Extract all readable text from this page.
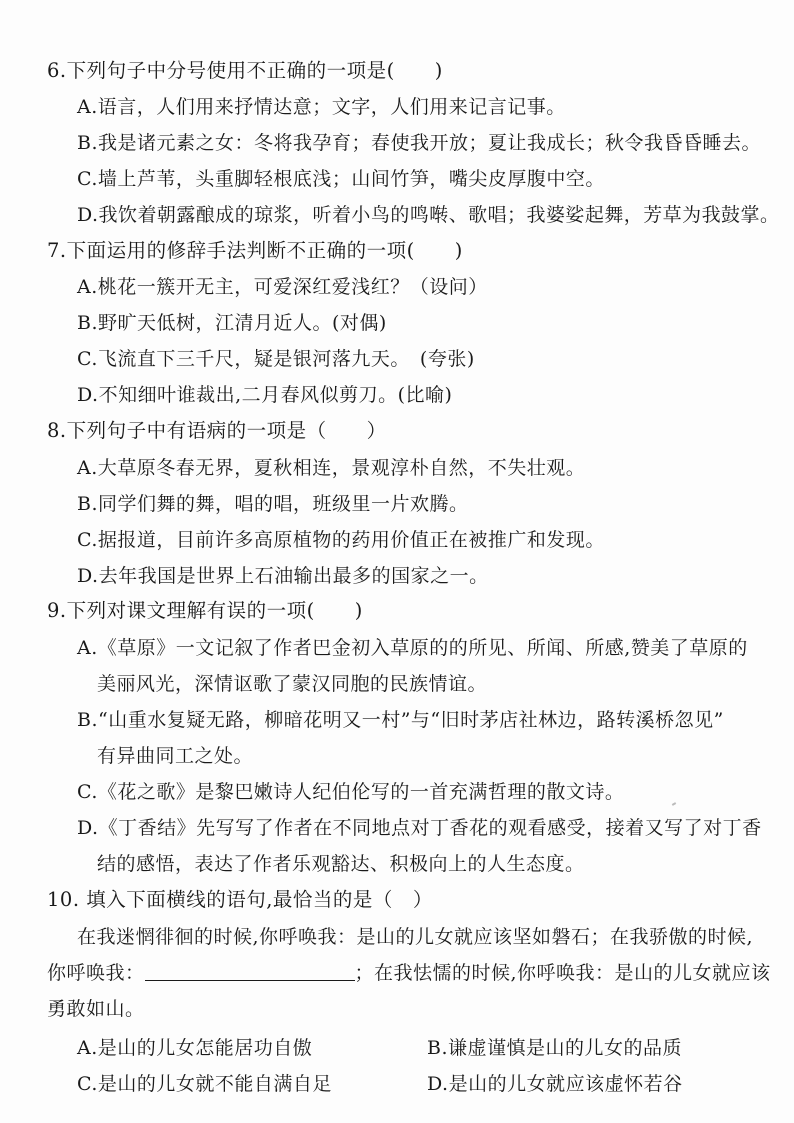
6.下列句子中分号使用不正确的一项是(　　)
A.语言，人们用来抒情达意；文字，人们用来记言记事。
B.我是诸元素之女：冬将我孕育；春使我开放；夏让我成长；秋令我昏昏睡去。
C.墙上芦苇，头重脚轻根底浅；山间竹笋，嘴尖皮厚腹中空。
D.我饮着朝露酿成的琼浆，听着小鸟的鸣啭、歌唱；我婆娑起舞，芳草为我鼓掌。
7.下面运用的修辞手法判断不正确的一项(　　)
A.桃花一簇开无主，可爱深红爱浅红？（设问）
B.野旷天低树，江清月近人。(对偶)
C.飞流直下三千尺，疑是银河落九天。　(夸张)
D.不知细叶谁裁出,二月春风似剪刀。(比喻)
8.下列句子中有语病的一项是（　　）
A.大草原冬春无界，夏秋相连，景观淳朴自然，不失壮观。
B.同学们舞的舞，唱的唱，班级里一片欢腾。
C.据报道，目前许多高原植物的药用价值正在被推广和发现。
D.去年我国是世界上石油输出最多的国家之一。
9.下列对课文理解有误的一项(　　)
A.《草原》一文记叙了作者巴金初入草原的的所见、所闻、所感,赞美了草原的
美丽风光，深情讴歌了蒙汉同胞的民族情谊。
B.“山重水复疑无路，柳暗花明又一村”与“旧时茅店社林边，路转溪桥忽见”
有异曲同工之处。
C.《花之歌》是黎巴嫩诗人纪伯伦写的一首充满哲理的散文诗。
D.《丁香结》先写写了作者在不同地点对丁香花的观看感受，接着又写了对丁香
结的感悟，表达了作者乐观豁达、积极向上的人生态度。
10. 填入下面横线的语句,最恰当的是（　）
在我迷惘徘徊的时候,你呼唤我：是山的儿女就应该坚如磐石；在我骄傲的时候,
你呼唤我：	；在我怯懦的时候,你呼唤我：是山的儿女就应该
勇敢如山。
A.是山的儿女怎能居功自傲	B.谦虚谨慎是山的儿女的品质
C.是山的儿女就不能自满自足	D.是山的儿女就应该虚怀若谷
